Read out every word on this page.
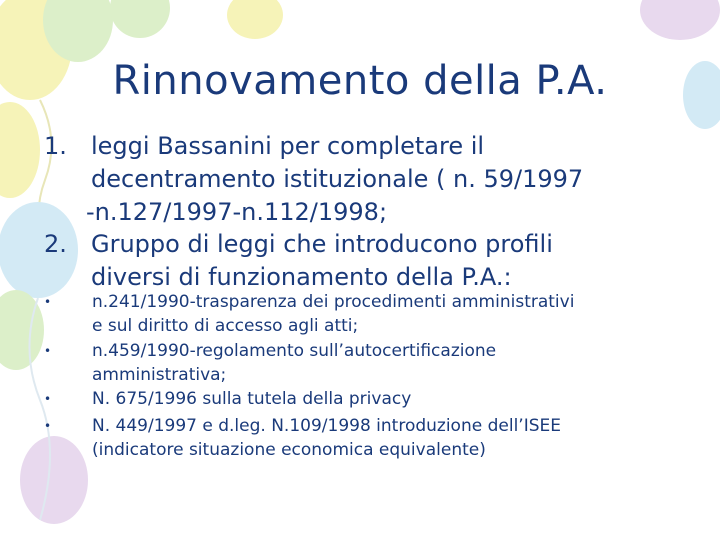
Rinnovamento della P.A.
1. leggi Bassanini per completare il
decentramento istituzionale ( n. 59/1997
-n.127/1997-n.112/1998;
2. Gruppo di leggi che introducono profili
diversi di funzionamento della P.A.:
• n.241/1990-trasparenza dei procedimenti amministrativi
e sul diritto di accesso agli atti;
• n.459/1990-regolamento sull’autocertificazione
amministrativa;
• N. 675/1996 sulla tutela della privacy
• N. 449/1997 e d.leg. N.109/1998 introduzione dell’ISEE
(indicatore situazione economica equivalente)
